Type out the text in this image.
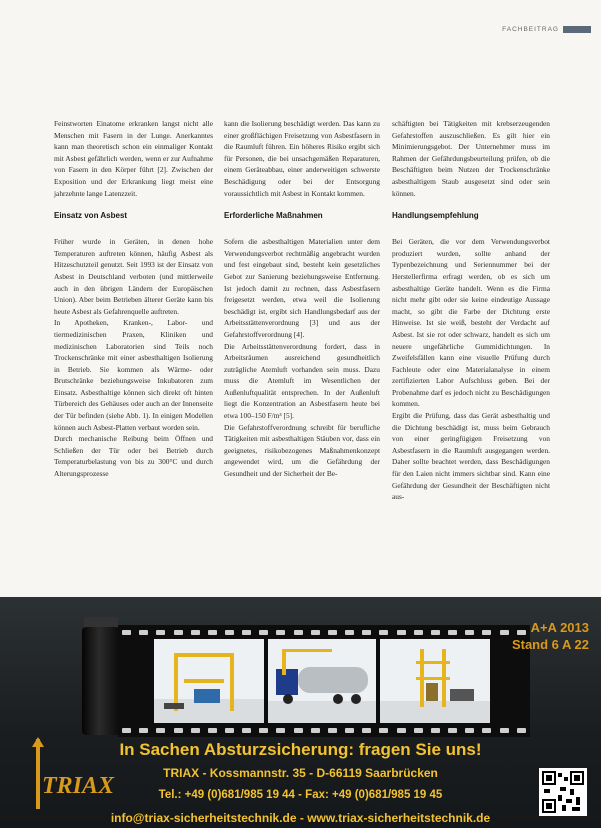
FACHBEITRAG

Feinstworten Einatome erkranken langst nicht alle Menschen mit Fasern in der Lunge. Anerkanntes kann man theoretisch schon ein einmaliger Kontakt mit Asbest gefährlich werden, wenn er zur Aufnahme von Fasern in den Körper führt [2]. Zwischen der Exposition und der Erkrankung liegt meist eine jahrzehnte lange Latenzzeit.

Einsatz von Asbest

Früher wurde in Geräten, in denen hohe Temperaturen auftreten können, häufig Asbest als Hitzeschutzteil genutzt. Seit 1993 ist der Einsatz von Asbest in Deutschland verboten (und mittlerweile auch in den übrigen Ländern der Europäischen Union). Aber beim Betrieben älterer Geräte kann bis heute Asbest als Gefahrenquelle auftreten.

In Apotheken, Kranken-, Labor- und tiermedizinischen Praxen, Kliniken und medizinischen Laboratorien sind Teils noch Trockenschränke mit einer asbesthaltigen Isolierung in Betrieb. Sie kommen als Wärme- oder Brutschränke beziehungsweise Inkubatoren zum Einsatz. Asbesthaltige können sich direkt oft hinten Türbereich des Gehäuses oder auch an der Innenseite der Tür befinden (siehe Abb. 1). In einigen Modellen können auch Asbest-Platten verbaut worden sein.

Durch mechanische Reibung beim Öffnen und Schließen der Tür oder bei Betrieb durch Temperaturbelastung von bis zu 300°C und durch Alterungsprozesse

kann die Isolierung beschädigt werden. Das kann zu einer großflächigen Freisetzung von Asbestfasern in die Raumluft führen. Ein höheres Risiko ergibt sich für Personen, die bei unsachgemäßen Reparaturen, einem Geräteabbau, einer anderweitigen schwerste Beschädigung oder bei der Entsorgung voraussichtlich mit Asbest in Kontakt kommen.

Erforderliche Maßnahmen

Sofern die asbesthaltigen Materialien unter dem Verwendungsverbot rechtmäßig angebracht wurden und fest eingebaut sind, besteht kein gesetzliches Gebot zur Sanierung beziehungsweise Entfernung. Ist jedoch damit zu rechnen, dass Asbestfasern freigesetzt werden, etwa weil die Isolierung beschädigt ist, ergibt sich Handlungsbedarf aus der Arbeitsstättenverordnung [3] und aus der Gefahrstoffverordnung [4].

Die Arbeitsstättenverordnung fordert, dass in Arbeitsräumen ausreichend gesundheitlich zuträgliche Atemluft vorhanden sein muss. Dazu muss die Atemluft im Wesentlichen der Außenluftqualität entsprechen. In der Außenluft liegt die Konzentration an Asbestfasern heute bei etwa 100–150 F/m³ [5].

Die Gefahrstoffverordnung schreibt für berufliche Tätigkeiten mit asbesthaltigen Stäuben vor, dass ein geeignetes, risikobezogenes Maßnahmenkonzept angewendet wird, um die Gefährdung der Gesundheit und der Sicherheit der Be-

schäftigten bei Tätigkeiten mit krebserzeugenden Gefahrstoffen auszuschließen. Es gilt hier ein Minimierungsgebot. Der Unternehmer muss im Rahmen der Gefährdungsbeurteilung prüfen, ob die Beschäftigten beim Nutzen der Trockenschränke asbesthaltigem Staub ausgesetzt sind oder sein können.

Handlungsempfehlung

Bei Geräten, die vor dem Verwendungsverbot produziert wurden, sollte anhand der Typenbezeichnung und Seriennummer bei der Herstellerfirma erfragt werden, ob es sich um asbesthaltige Geräte handelt. Wenn es die Firma nicht mehr gibt oder sie keine eindeutige Aussage macht, so gibt die Farbe der Dichtung erste Hinweise. Ist sie weiß, besteht der Verdacht auf Asbest. Ist sie rot oder schwarz, handelt es sich um neuere ungefährliche Gummidichtungen. In Zweifelsfällen kann eine visuelle Prüfung durch Fachleute oder eine Materialanalyse in einem zertifizierten Labor Aufschluss geben. Bei der Probenahme darf es jedoch nicht zu Beschädigungen kommen.

Ergibt die Prüfung, dass das Gerät asbesthaltig und die Dichtung beschädigt ist, muss beim Gebrauch von einer geringfügigen Freisetzung von Asbestfasern in die Raumluft ausgegangen werden. Daher sollte beachtet werden, dass Beschädigungen für den Laien nicht immers sichtbar sind. Kann eine Gefährdung der Gesundheit der Beschäftigten nicht aus-

A+A 2013
Stand 6 A 22
In Sachen Absturzsicherung: fragen Sie uns!
TRIAX - Kossmannstr. 35 - D-66119 Saarbrücken
Tel.: +49 (0)681/985 19 44 - Fax: +49 (0)681/985 19 45
info@triax-sicherheitstechnik.de - www.triax-sicherheitstechnik.de
TRIAX
